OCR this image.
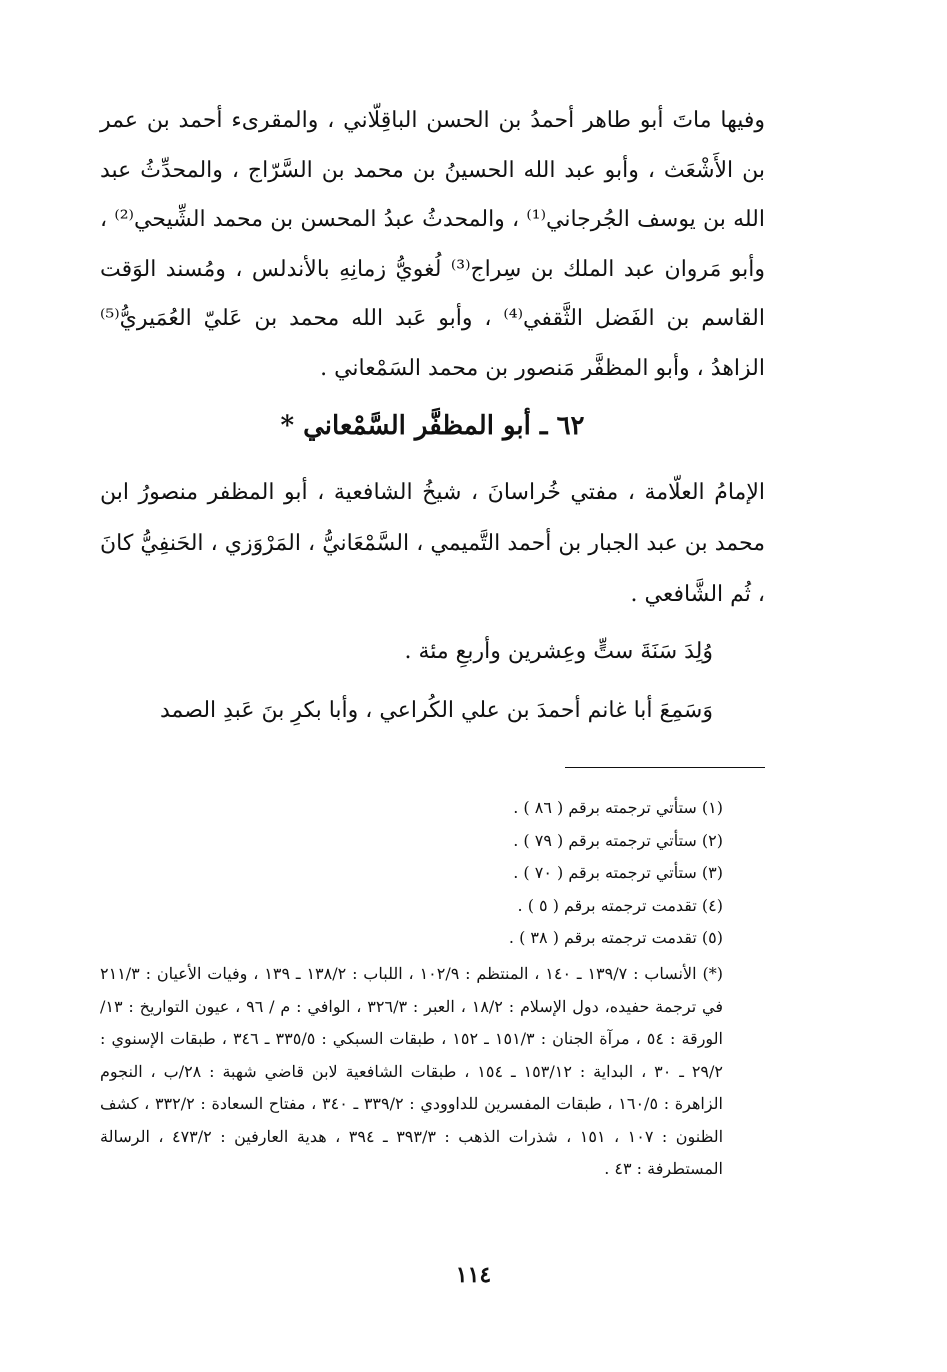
وفيها ماتَ أبو طاهر أحمدُ بن الحسن الباقِلّاني ، والمقرىء أحمد بن عمر بن الأَشْعَث ، وأبو عبد الله الحسينُ بن محمد بن السَّرّاج ، والمحدِّثُ عبد الله بن يوسف الجُرجاني⁽¹⁾ ، والمحدثُ عبدُ المحسن بن محمد الشِّيحي⁽²⁾ ، وأبو مَروان عبد الملك بن سِراج⁽³⁾ لُغويُّ زمانِهِ بالأندلس ، ومُسند الوَقت القاسم بن الفَضل الثَّقفي⁽⁴⁾ ، وأبو عَبد الله محمد بن عَليّ العُمَيريُّ⁽⁵⁾ الزاهدُ ، وأبو المظفَّر مَنصور بن محمد السَمْعاني .

٦٢ ـ أبو المظفَّر السَّمْعاني *

الإمامُ العلّامة ، مفتي خُراسانَ ، شيخُ الشافعية ، أبو المظفر منصورُ ابن محمد بن عبد الجبار بن أحمد التَّميمي ، السَّمْعَانيُّ ، المَرْوَزي ، الحَنفِيُّ كانَ ، ثُم الشَّافعي .

وُلِدَ سَنَةَ ستٍّ وعِشرين وأربعِ مئة .

وَسَمِعَ أبا غانم أحمدَ بن علي الكُراعي ، وأبا بكرِ بنَ عَبدِ الصمد

(١) ستأتي ترجمته برقم ( ٨٦ ) .
(٢) ستأتي ترجمته برقم ( ٧٩ ) .
(٣) ستأتي ترجمته برقم ( ٧٠ ) .
(٤) تقدمت ترجمته برقم ( ٥ ) .
(٥) تقدمت ترجمته برقم ( ٣٨ ) .
(*)الأنساب : ١٣٩/٧ ـ ١٤٠ ، المنتظم : ١٠٢/٩ ، اللباب : ١٣٨/٢ ـ ١٣٩ ، وفيات الأعيان : ٢١١/٣ في ترجمة حفيده، دول الإسلام : ١٨/٢ ، العبر : ٣٢٦/٣ ، الوافي : م / ٩٦ ، عيون التواريخ : ١٣/الورقة : ٥٤ ، مرآة الجنان : ١٥١/٣ ـ ١٥٢ ، طبقات السبكي : ٣٣٥/٥ ـ ٣٤٦ ، طبقات الإسنوي : ٢٩/٢ ـ ٣٠ ، البداية : ١٥٣/١٢ ـ ١٥٤ ، طبقات الشافعية لابن قاضي شهبة : ٢٨/ب ، النجوم الزاهرة : ١٦٠/٥ ، طبقات المفسرين للداوودي : ٣٣٩/٢ ـ ٣٤٠ ، مفتاح السعادة : ٣٣٢/٢ ، كشف الظنون : ١٠٧ ، ١٥١ ، شذرات الذهب : ٣٩٣/٣ ـ ٣٩٤ ، هدية العارفين : ٤٧٣/٢ ، الرسالة المستطرفة : ٤٣ .
١١٤
